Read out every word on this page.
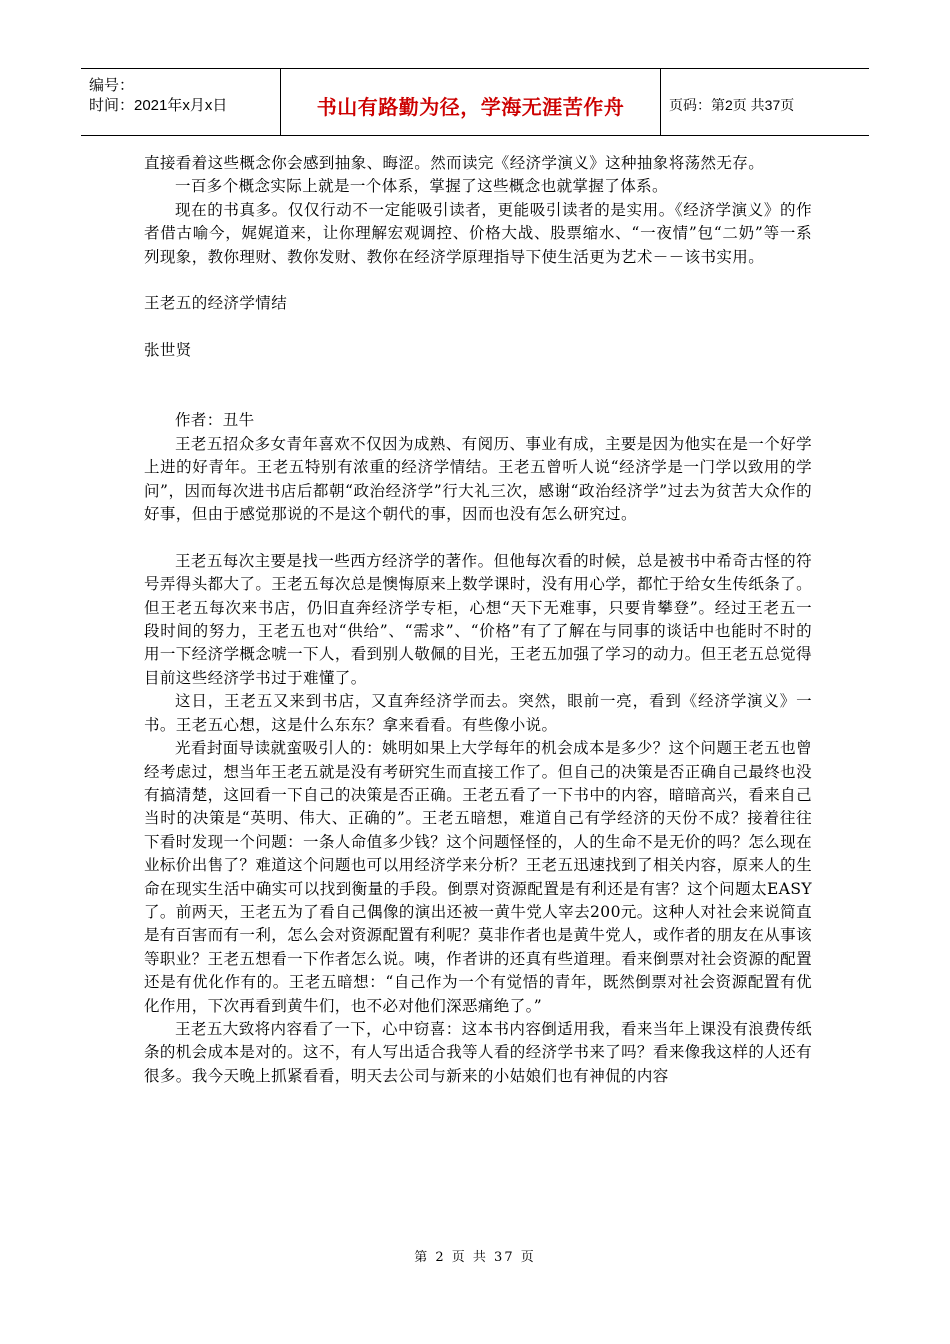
编号：
时间：2021年x月x日	书山有路勤为径，学海无涯苦作舟	页码：第2页 共37页

直接看着这些概念你会感到抽象、晦涩。然而读完《经济学演义》这种抽象将荡然无存。

一百多个概念实际上就是一个体系，掌握了这些概念也就掌握了体系。

现在的书真多。仅仅行动不一定能吸引读者，更能吸引读者的是实用。《经济学演义》的作者借古喻今，娓娓道来，让你理解宏观调控、价格大战、股票缩水、“一夜情”包“二奶”等一系列现象，教你理财、教你发财、教你在经济学原理指导下使生活更为艺术－－该书实用。

王老五的经济学情结

张世贤

作者：丑牛

王老五招众多女青年喜欢不仅因为成熟、有阅历、事业有成，主要是因为他实在是一个好学上进的好青年。王老五特别有浓重的经济学情结。王老五曾听人说“经济学是一门学以致用的学问”，因而每次进书店后都朝“政治经济学”行大礼三次，感谢“政治经济学”过去为贫苦大众作的好事，但由于感觉那说的不是这个朝代的事，因而也没有怎么研究过。

王老五每次主要是找一些西方经济学的著作。但他每次看的时候，总是被书中希奇古怪的符号弄得头都大了。王老五每次总是懊悔原来上数学课时，没有用心学，都忙于给女生传纸条了。但王老五每次来书店，仍旧直奔经济学专柜，心想“天下无难事，只要肯攀登”。经过王老五一段时间的努力，王老五也对“供给”、“需求”、“价格”有了了解在与同事的谈话中也能时不时的用一下经济学概念唬一下人，看到别人敬佩的目光，王老五加强了学习的动力。但王老五总觉得目前这些经济学书过于难懂了。

这日，王老五又来到书店，又直奔经济学而去。突然，眼前一亮，看到《经济学演义》一书。王老五心想，这是什么东东？拿来看看。有些像小说。

光看封面导读就蛮吸引人的：姚明如果上大学每年的机会成本是多少？这个问题王老五也曾经考虑过，想当年王老五就是没有考研究生而直接工作了。但自己的决策是否正确自己最终也没有搞清楚，这回看一下自己的决策是否正确。王老五看了一下书中的内容，暗暗高兴，看来自己当时的决策是“英明、伟大、正确的”。王老五暗想，难道自己有学经济的天份不成？接着往往下看时发现一个问题：一条人命值多少钱？这个问题怪怪的，人的生命不是无价的吗？怎么现在业标价出售了？难道这个问题也可以用经济学来分析？王老五迅速找到了相关内容，原来人的生命在现实生活中确实可以找到衡量的手段。倒票对资源配置是有利还是有害？这个问题太EASY了。前两天，王老五为了看自己偶像的演出还被一黄牛党人宰去200元。这种人对社会来说简直是有百害而有一利，怎么会对资源配置有利呢？莫非作者也是黄牛党人，或作者的朋友在从事该等职业？王老五想看一下作者怎么说。咦，作者讲的还真有些道理。看来倒票对社会资源的配置还是有优化作有的。王老五暗想：“自己作为一个有觉悟的青年，既然倒票对社会资源配置有优化作用，下次再看到黄牛们，也不必对他们深恶痛绝了。”

王老五大致将内容看了一下，心中窃喜：这本书内容倒适用我，看来当年上课没有浪费传纸条的机会成本是对的。这不，有人写出适合我等人看的经济学书来了吗？看来像我这样的人还有很多。我今天晚上抓紧看看，明天去公司与新来的小姑娘们也有神侃的内容

第 2 页 共 37 页
